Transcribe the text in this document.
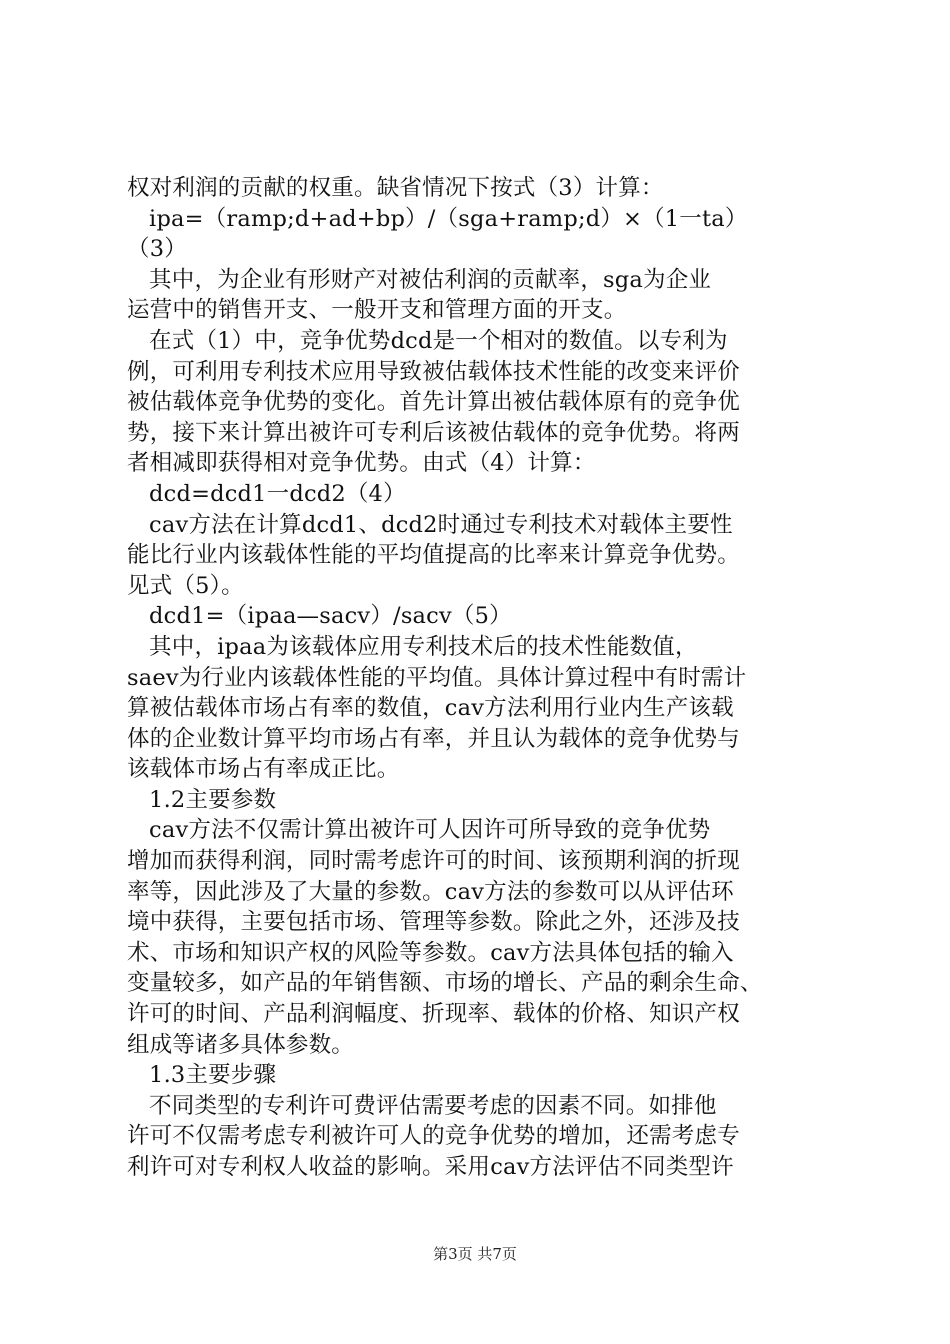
权对利润的贡献的权重。缺省情况下按式（3）计算：
ipa=（ramp;d+ad+bp）/（sga+ramp;d）×（1一ta）
（3）
其中，为企业有形财产对被估利润的贡献率，sga为企业
运营中的销售开支、一般开支和管理方面的开支。
在式（1）中，竞争优势dcd是一个相对的数值。以专利为
例，可利用专利技术应用导致被估载体技术性能的改变来评价
被估载体竞争优势的变化。首先计算出被估载体原有的竞争优
势，接下来计算出被许可专利后该被估载体的竞争优势。将两
者相减即获得相对竞争优势。由式（4）计算：
dcd=dcd1一dcd2（4）
cav方法在计算dcd1、dcd2时通过专利技术对载体主要性
能比行业内该载体性能的平均值提高的比率来计算竞争优势。
见式（5）。
dcd1=（ipaa—sacv）/sacv（5）
其中，ipaa为该载体应用专利技术后的技术性能数值，
saev为行业内该载体性能的平均值。具体计算过程中有时需计
算被估载体市场占有率的数值，cav方法利用行业内生产该载
体的企业数计算平均市场占有率，并且认为载体的竞争优势与
该载体市场占有率成正比。
1.2主要参数
cav方法不仅需计算出被许可人因许可所导致的竞争优势
增加而获得利润，同时需考虑许可的时间、该预期利润的折现
率等，因此涉及了大量的参数。cav方法的参数可以从评估环
境中获得，主要包括市场、管理等参数。除此之外，还涉及技
术、市场和知识产权的风险等参数。cav方法具体包括的输入
变量较多，如产品的年销售额、市场的增长、产品的剩余生命、
许可的时间、产品利润幅度、折现率、载体的价格、知识产权
组成等诸多具体参数。
1.3主要步骤
不同类型的专利许可费评估需要考虑的因素不同。如排他
许可不仅需考虑专利被许可人的竞争优势的增加，还需考虑专
利许可对专利权人收益的影响。采用cav方法评估不同类型许
第3页 共7页
